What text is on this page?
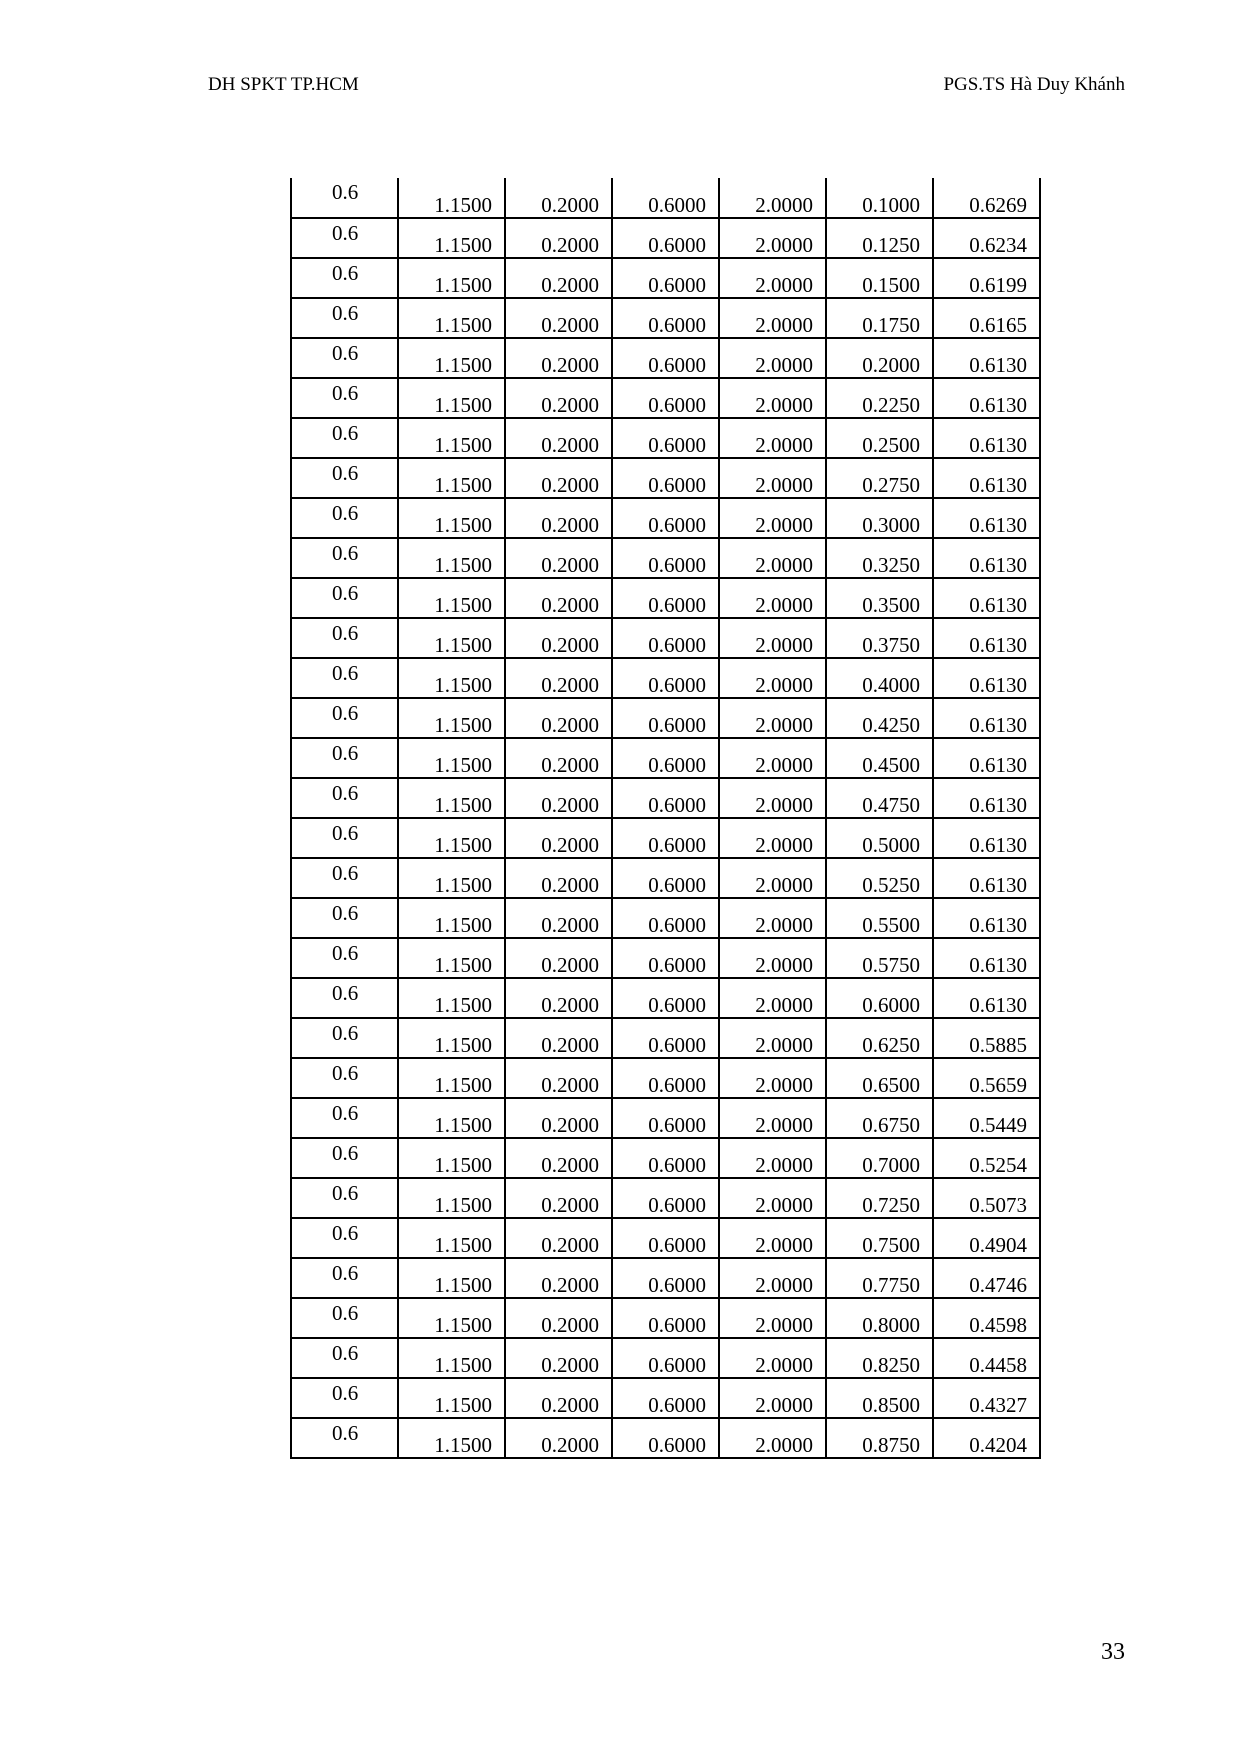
DH SPKT TP.HCM	PGS.TS Hà Duy Khánh
0.6	1.1500	0.2000	0.6000	2.0000	0.1000	0.6269
0.6	1.1500	0.2000	0.6000	2.0000	0.1250	0.6234
0.6	1.1500	0.2000	0.6000	2.0000	0.1500	0.6199
0.6	1.1500	0.2000	0.6000	2.0000	0.1750	0.6165
0.6	1.1500	0.2000	0.6000	2.0000	0.2000	0.6130
0.6	1.1500	0.2000	0.6000	2.0000	0.2250	0.6130
0.6	1.1500	0.2000	0.6000	2.0000	0.2500	0.6130
0.6	1.1500	0.2000	0.6000	2.0000	0.2750	0.6130
0.6	1.1500	0.2000	0.6000	2.0000	0.3000	0.6130
0.6	1.1500	0.2000	0.6000	2.0000	0.3250	0.6130
0.6	1.1500	0.2000	0.6000	2.0000	0.3500	0.6130
0.6	1.1500	0.2000	0.6000	2.0000	0.3750	0.6130
0.6	1.1500	0.2000	0.6000	2.0000	0.4000	0.6130
0.6	1.1500	0.2000	0.6000	2.0000	0.4250	0.6130
0.6	1.1500	0.2000	0.6000	2.0000	0.4500	0.6130
0.6	1.1500	0.2000	0.6000	2.0000	0.4750	0.6130
0.6	1.1500	0.2000	0.6000	2.0000	0.5000	0.6130
0.6	1.1500	0.2000	0.6000	2.0000	0.5250	0.6130
0.6	1.1500	0.2000	0.6000	2.0000	0.5500	0.6130
0.6	1.1500	0.2000	0.6000	2.0000	0.5750	0.6130
0.6	1.1500	0.2000	0.6000	2.0000	0.6000	0.6130
0.6	1.1500	0.2000	0.6000	2.0000	0.6250	0.5885
0.6	1.1500	0.2000	0.6000	2.0000	0.6500	0.5659
0.6	1.1500	0.2000	0.6000	2.0000	0.6750	0.5449
0.6	1.1500	0.2000	0.6000	2.0000	0.7000	0.5254
0.6	1.1500	0.2000	0.6000	2.0000	0.7250	0.5073
0.6	1.1500	0.2000	0.6000	2.0000	0.7500	0.4904
0.6	1.1500	0.2000	0.6000	2.0000	0.7750	0.4746
0.6	1.1500	0.2000	0.6000	2.0000	0.8000	0.4598
0.6	1.1500	0.2000	0.6000	2.0000	0.8250	0.4458
0.6	1.1500	0.2000	0.6000	2.0000	0.8500	0.4327
0.6	1.1500	0.2000	0.6000	2.0000	0.8750	0.4204
33
